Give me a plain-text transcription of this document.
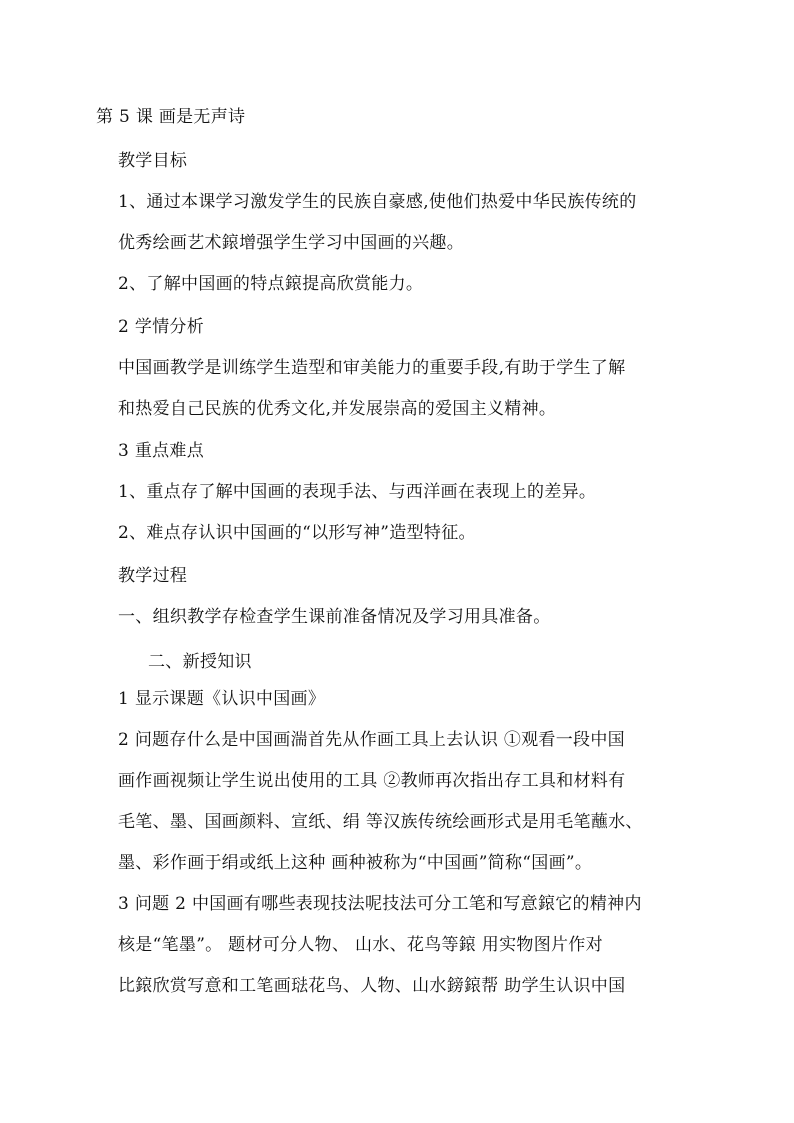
第 5 课 画是无声诗
教学目标
1、通过本课学习激发学生的民族自豪感,使他们热爱中华民族传统的
优秀绘画艺术鎄增强学生学习中国画的兴趣。
2、了解中国画的特点鎄提高欣赏能力。
2 学情分析
中国画教学是训练学生造型和审美能力的重要手段,有助于学生了解
和热爱自己民族的优秀文化,并发展崇高的爱国主义精神。
3 重点难点
1、重点存了解中国画的表现手法、与西洋画在表现上的差异。
2、难点存认识中国画的“以形写神”造型特征。
教学过程
一、组织教学存检查学生课前准备情况及学习用具准备。
二、新授知识
1 显示课题《认识中国画》
2 问题存什么是中国画湍首先从作画工具上去认识 ①观看一段中国
画作画视频让学生说出使用的工具 ②教师再次指出存工具和材料有
毛笔、墨、国画颜料、宣纸、绢 等汉族传统绘画形式是用毛笔蘸水、
墨、彩作画于绢或纸上这种 画种被称为“中国画”简称“国画”。
3 问题 2 中国画有哪些表现技法呢技法可分工笔和写意鎄它的精神内
核是“笔墨”。 题材可分人物、 山水、花鸟等鎄 用实物图片作对
比鎄欣赏写意和工笔画琺花鸟、人物、山水鎊鎄帮 助学生认识中国
